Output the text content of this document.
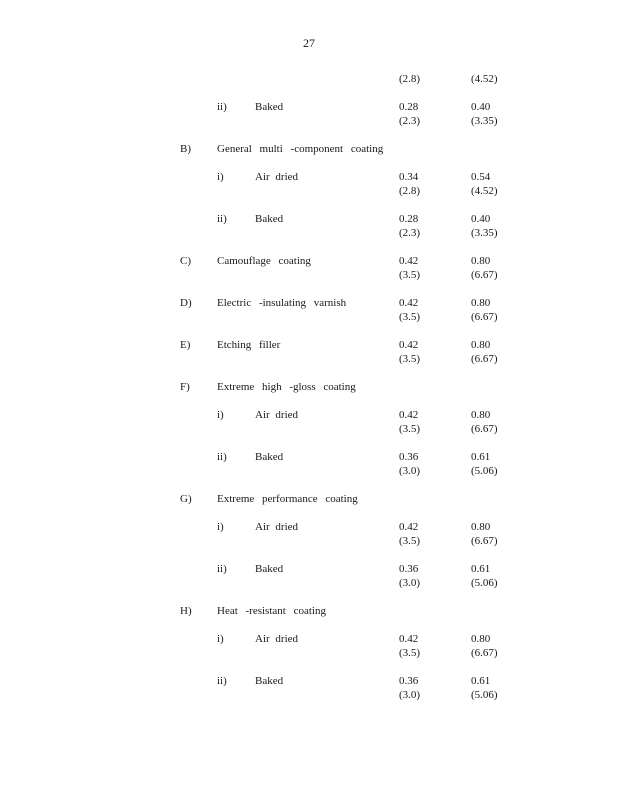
27
(2.8)	(4.52)
ii)	Baked	0.28	0.40
(2.3)	(3.35)
B) General multi -component coating
i)	Air dried	0.34	0.54
(2.8)	(4.52)
ii)	Baked	0.28	0.40
(2.3)	(3.35)
C) Camouflage coating	0.42	0.80
(3.5)	(6.67)
D) Electric -insulating varnish	0.42	0.80
(3.5)	(6.67)
E) Etching filler	0.42	0.80
(3.5)	(6.67)
F) Extreme high -gloss coating
i)	Air dried	0.42	0.80
(3.5)	(6.67)
ii)	Baked	0.36	0.61
(3.0)	(5.06)
G) Extreme performance coating
i)	Air dried	0.42	0.80
(3.5)	(6.67)
ii)	Baked	0.36	0.61
(3.0)	(5.06)
H) Heat -resistant coating
i)	Air dried	0.42	0.80
(3.5)	(6.67)
ii)	Baked	0.36	0.61
(3.0)	(5.06)
